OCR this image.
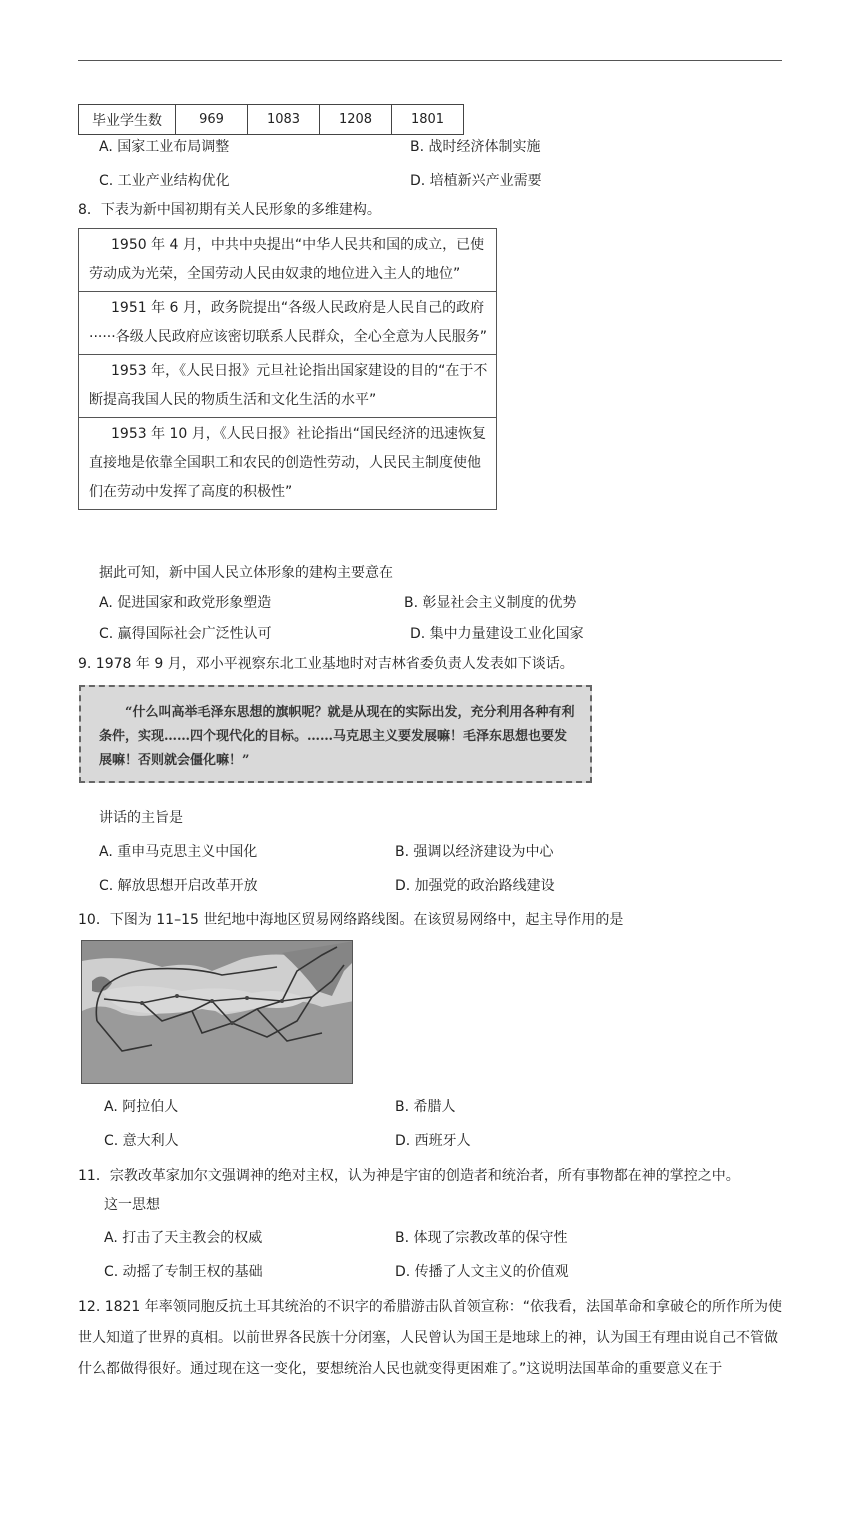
毕业学生数	969	1083	1208	1801
A. 国家工业布局调整	B. 战时经济体制实施
C. 工业产业结构优化	D. 培植新兴产业需要
8．下表为新中国初期有关人民形象的多维建构。
1950 年 4 月，中共中央提出“中华人民共和国的成立，已使劳动成为光荣，全国劳动人民由奴隶的地位进入主人的地位”
1951 年 6 月，政务院提出“各级人民政府是人民自己的政府······各级人民政府应该密切联系人民群众，全心全意为人民服务”
1953 年，《人民日报》元旦社论指出国家建设的目的“在于不断提高我国人民的物质生活和文化生活的水平”
1953 年 10 月，《人民日报》社论指出“国民经济的迅速恢复直接地是依靠全国职工和农民的创造性劳动，人民民主制度使他们在劳动中发挥了高度的积极性”
据此可知，新中国人民立体形象的建构主要意在
A. 促进国家和政党形象塑造	B. 彰显社会主义制度的优势
C. 赢得国际社会广泛性认可	D. 集中力量建设工业化国家
9. 1978 年 9 月，邓小平视察东北工业基地时对吉林省委负责人发表如下谈话。
“什么叫高举毛泽东思想的旗帜呢？就是从现在的实际出发，充分利用各种有利条件，实现……四个现代化的目标。……马克思主义要发展嘛！毛泽东思想也要发展嘛！否则就会僵化嘛！”
讲话的主旨是
A. 重申马克思主义中国化	B. 强调以经济建设为中心
C. 解放思想开启改革开放	D. 加强党的政治路线建设
10．下图为 11–15 世纪地中海地区贸易网络路线图。在该贸易网络中，起主导作用的是
A. 阿拉伯人	B. 希腊人
C. 意大利人	D. 西班牙人
11．宗教改革家加尔文强调神的绝对主权，认为神是宇宙的创造者和统治者，所有事物都在神的掌控之中。
这一思想
A. 打击了天主教会的权威	B. 体现了宗教改革的保守性
C. 动摇了专制王权的基础	D. 传播了人文主义的价值观
12. 1821 年率领同胞反抗土耳其统治的不识字的希腊游击队首领宣称：“依我看，法国革命和拿破仑的所作所为使世人知道了世界的真相。以前世界各民族十分闭塞，人民曾认为国王是地球上的神，认为国王有理由说自己不管做什么都做得很好。通过现在这一变化，要想统治人民也就变得更困难了。”这说明法国革命的重要意义在于
